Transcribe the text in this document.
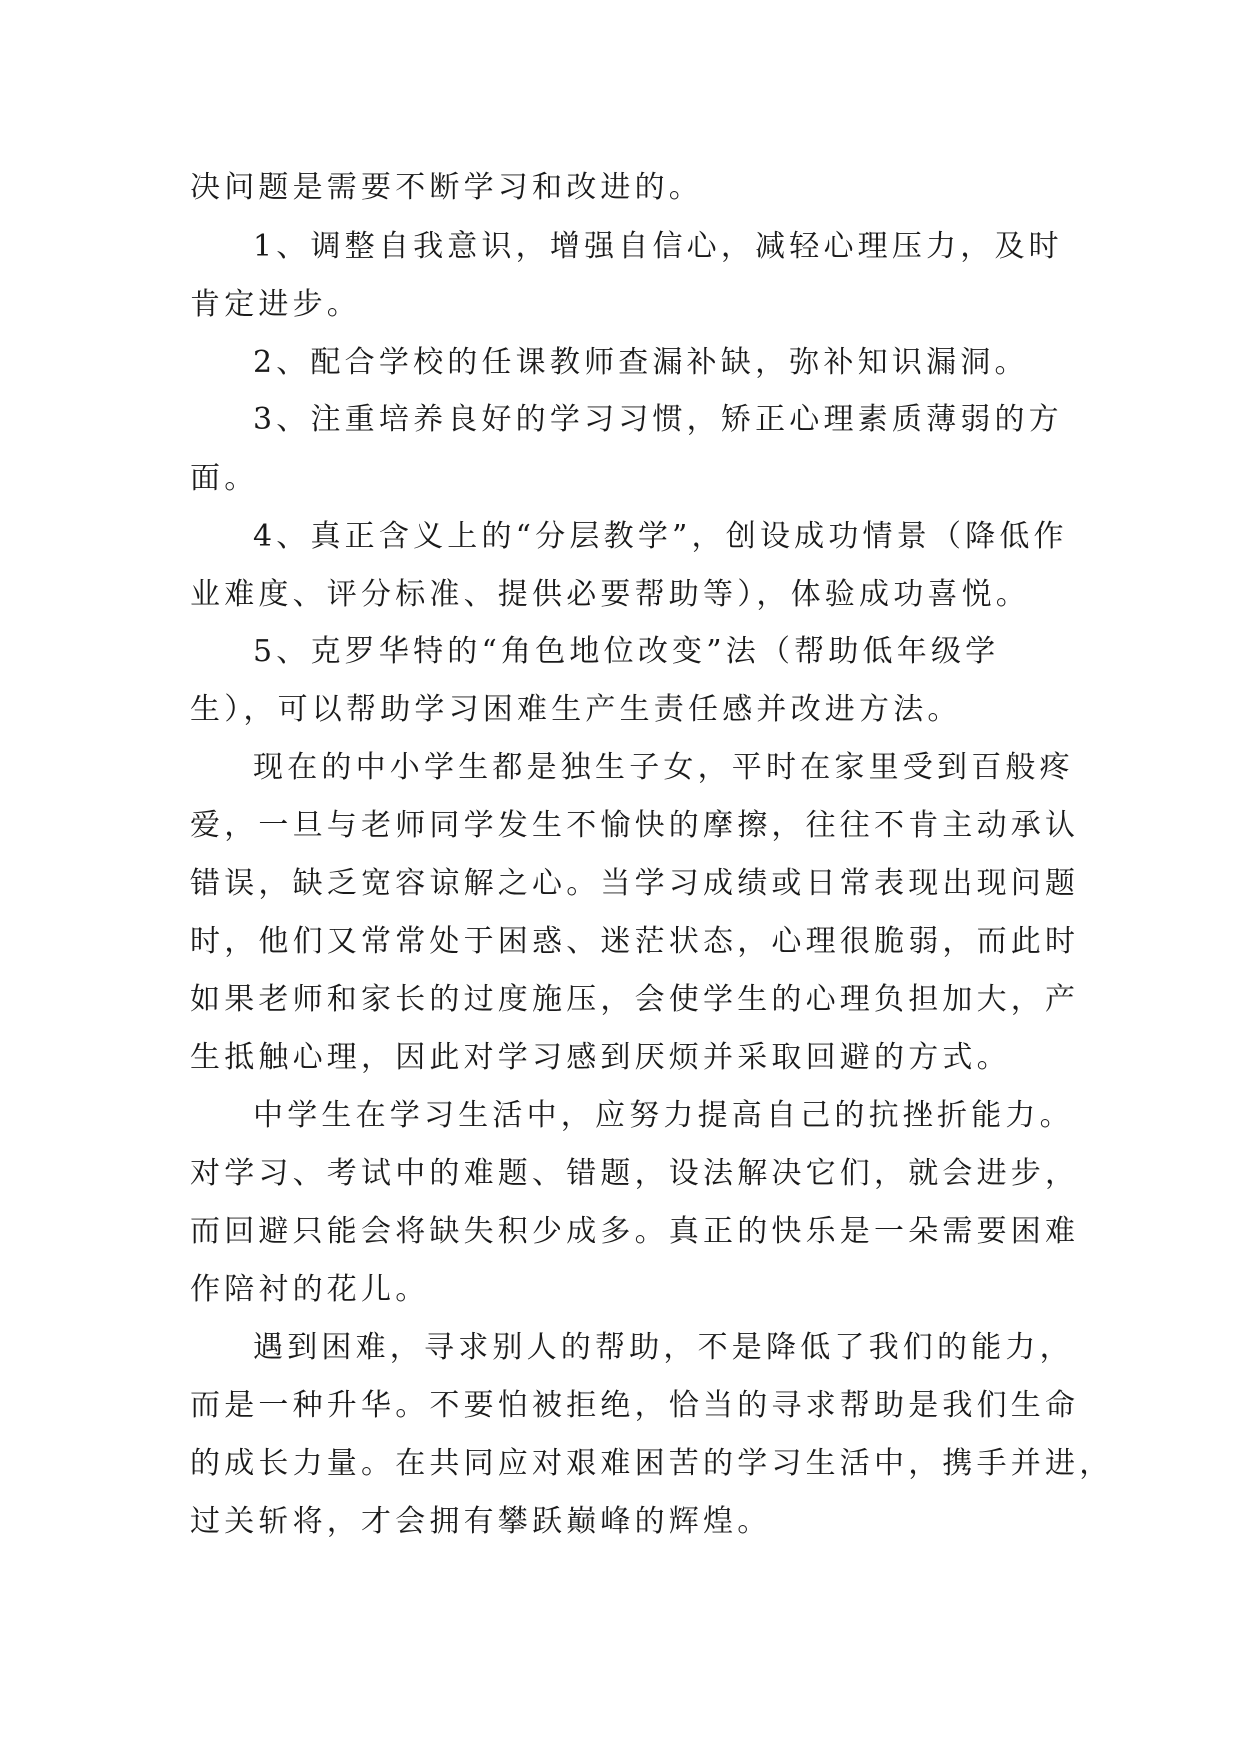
决问题是需要不断学习和改进的。
1、调整自我意识，增强自信心，减轻心理压力，及时
肯定进步。
2、配合学校的任课教师查漏补缺，弥补知识漏洞。
3、注重培养良好的学习习惯，矫正心理素质薄弱的方
面。
4、真正含义上的“分层教学”，创设成功情景（降低作
业难度、评分标准、提供必要帮助等），体验成功喜悦。
5、克罗华特的“角色地位改变”法（帮助低年级学
生），可以帮助学习困难生产生责任感并改进方法。
现在的中小学生都是独生子女，平时在家里受到百般疼
爱，一旦与老师同学发生不愉快的摩擦，往往不肯主动承认
错误，缺乏宽容谅解之心。当学习成绩或日常表现出现问题
时，他们又常常处于困惑、迷茫状态，心理很脆弱，而此时
如果老师和家长的过度施压，会使学生的心理负担加大，产
生抵触心理，因此对学习感到厌烦并采取回避的方式。
中学生在学习生活中，应努力提高自己的抗挫折能力。
对学习、考试中的难题、错题，设法解决它们，就会进步，
而回避只能会将缺失积少成多。真正的快乐是一朵需要困难
作陪衬的花儿。
遇到困难，寻求别人的帮助，不是降低了我们的能力，
而是一种升华。不要怕被拒绝，恰当的寻求帮助是我们生命
的成长力量。在共同应对艰难困苦的学习生活中，携手并进，
过关斩将，才会拥有攀跃巅峰的辉煌。
